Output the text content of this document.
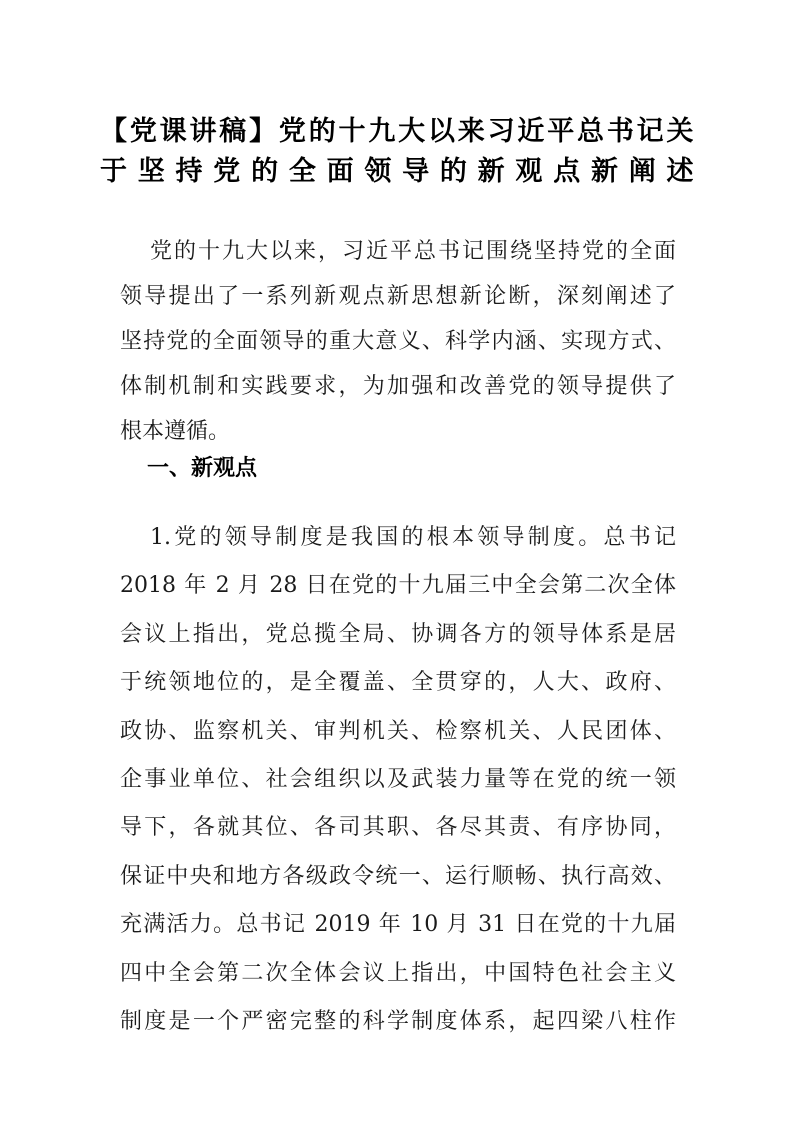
【党课讲稿】党的十九大以来习近平总书记关
于坚持党的全面领导的新观点新阐述
党的十九大以来，习近平总书记围绕坚持党的全面
领导提出了一系列新观点新思想新论断，深刻阐述了
坚持党的全面领导的重大意义、科学内涵、实现方式、
体制机制和实践要求，为加强和改善党的领导提供了
根本遵循。
一、新观点
1.党的领导制度是我国的根本领导制度。总书记
2018 年 2 月 28 日在党的十九届三中全会第二次全体
会议上指出，党总揽全局、协调各方的领导体系是居
于统领地位的，是全覆盖、全贯穿的，人大、政府、
政协、监察机关、审判机关、检察机关、人民团体、
企事业单位、社会组织以及武装力量等在党的统一领
导下，各就其位、各司其职、各尽其责、有序协同，
保证中央和地方各级政令统一、运行顺畅、执行高效、
充满活力。总书记 2019 年 10 月 31 日在党的十九届
四中全会第二次全体会议上指出，中国特色社会主义
制度是一个严密完整的科学制度体系，起四梁八柱作
